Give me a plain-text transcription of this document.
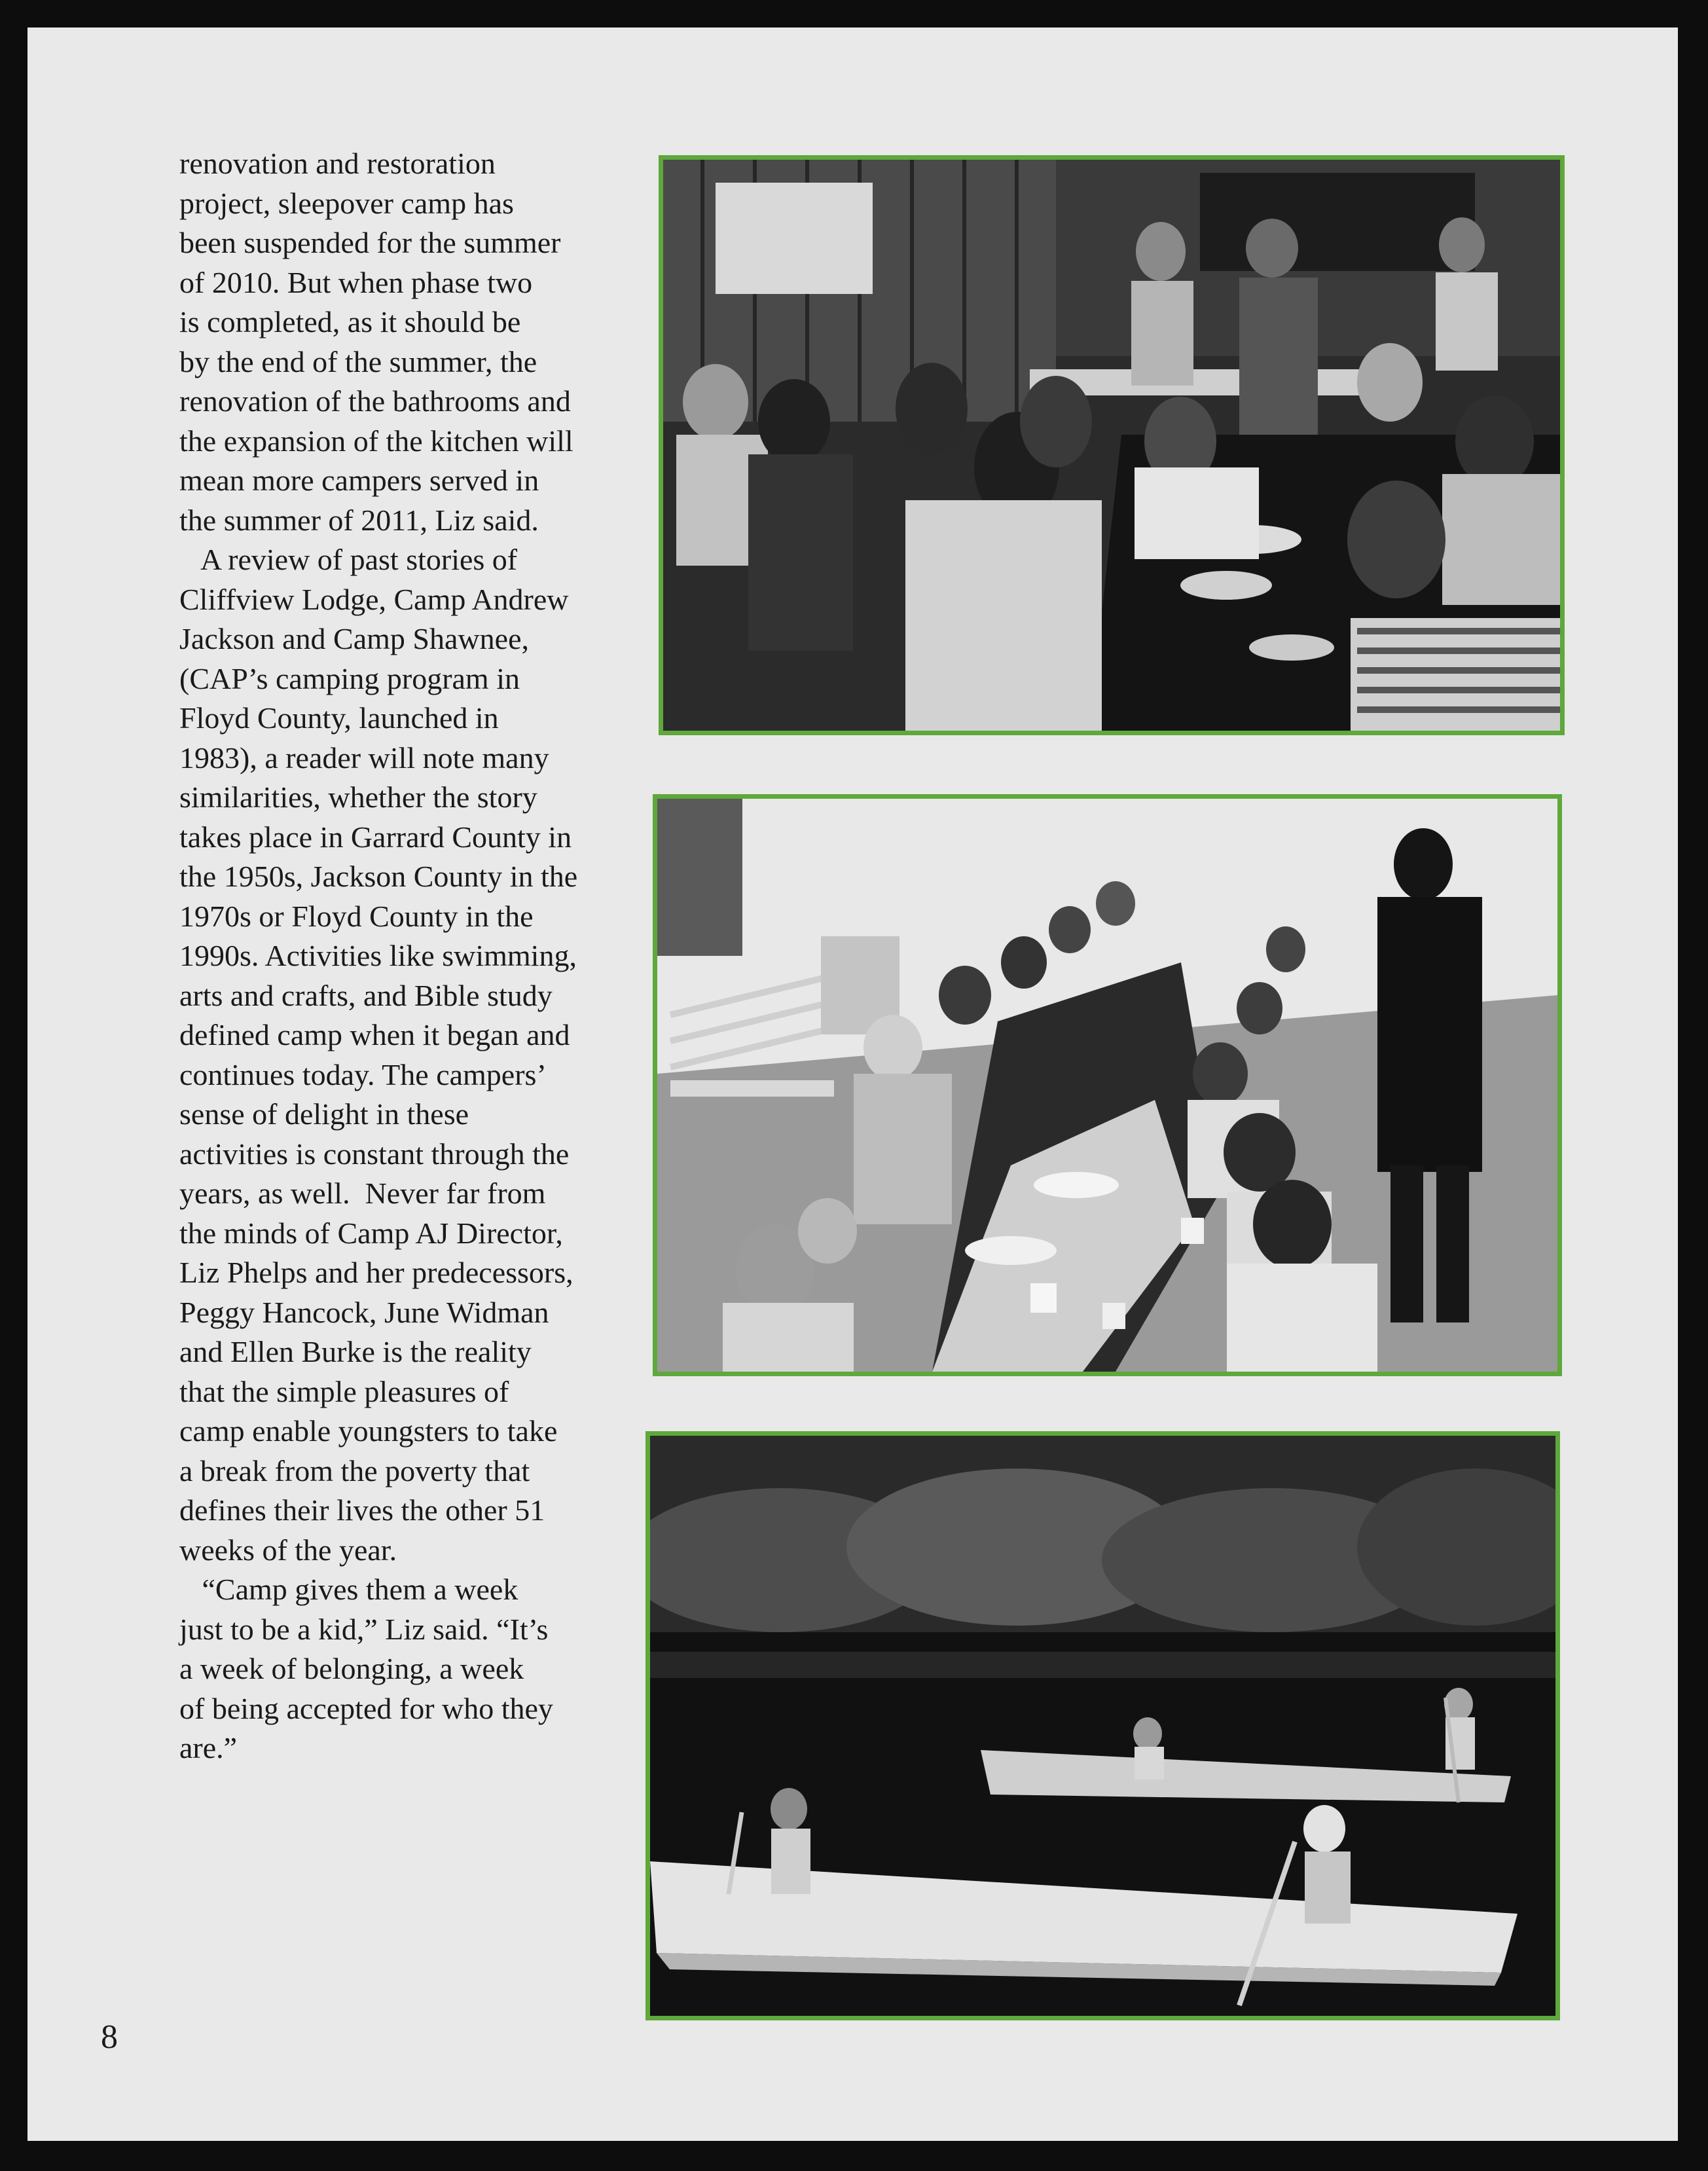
renovation and restoration
project, sleepover camp has
been suspended for the summer
of 2010. But when phase two
is completed, as it should be
by the end of the summer, the
renovation of the bathrooms and
the expansion of the kitchen will
mean more campers served in
the summer of 2011, Liz said.
A review of past stories of
Cliffview Lodge, Camp Andrew
Jackson and Camp Shawnee,
(CAP’s camping program in
Floyd County, launched in
1983), a reader will note many
similarities, whether the story
takes place in Garrard County in
the 1950s, Jackson County in the
1970s or Floyd County in the
1990s. Activities like swimming,
arts and crafts, and Bible study
defined camp when it began and
continues today. The campers’
sense of delight in these
activities is constant through the
years, as well.  Never far from
the minds of Camp AJ Director,
Liz Phelps and her predecessors,
Peggy Hancock, June Widman
and Ellen Burke is the reality
that the simple pleasures of
camp enable youngsters to take
a break from the poverty that
defines their lives the other 51
weeks of the year.
“Camp gives them a week
just to be a kid,” Liz said. “It’s
a week of belonging, a week
of being accepted for who they
are.”
8
